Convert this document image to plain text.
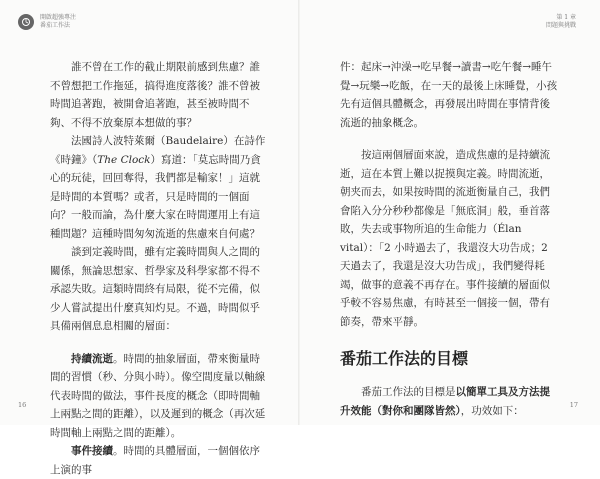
開啟超強專注
番茄工作法

誰不曾在工作的截止期限前感到焦慮？誰不曾想把工作拖延，搞得進度落後？誰不曾被時間追著跑，被開會追著跑，甚至被時間不夠、不得不放棄原本想做的事？

法國詩人波特萊爾（Baudelaire）在詩作《時鐘》（The Clock）寫道：「莫忘時間乃貪心的玩徒，回回奪得，我們都是輸家！」這就是時間的本質嗎？或者，只是時間的一個面向？一般而論，為什麼大家在時間運用上有這種問題？這種時間匆匆流逝的焦慮來自何處？

談到定義時間，雖有定義時間與人之間的關係，無論思想家、哲學家及科學家都不得不承認失敗。這類時間終有局限，從不完備，似少人嘗試提出什麼真知灼見。不過，時間似乎具備兩個息息相關的層面：

持續流逝。時間的抽象層面，帶來衡量時間的習慣（秒、分與小時）。像空間度量以軸線代表時間的做法，事件長度的概念（即時間軸上兩點之間的距離），以及遲到的概念（再次延時間軸上兩點之間的距離）。

事件接續。時間的具體層面，一個個依序上演的事

16
第 1 章
問題與挑戰

件：起床→沖澡→吃早餐→讀書→吃午餐→睡午覺→玩樂→吃飯，在一天的最後上床睡覺，小孩先有這個具體概念，再發展出時間在事情背後流逝的抽象概念。

按這兩個層面來說，造成焦慮的是持續流逝，這在本質上難以捉摸與定義。時間流逝，朝夹而去，如果按時間的流逝衡量自己，我們會陷入分分秒秒都像是「無底洞」般，垂首落敗，失去或事物所追的生命能力（Élan vital）：「2 小時過去了，我還沒大功告成；2 天過去了，我還是沒大功告成」，我們變得耗竭，做事的意義不再存在。事件接續的層面似乎較不容易焦慮，有時甚至一個接一個，帶有節奏，帶來平靜。

番茄工作法的目標

番茄工作法的目標是以簡單工具及方法提升效能（對你和團隊皆然），功效如下：	17
